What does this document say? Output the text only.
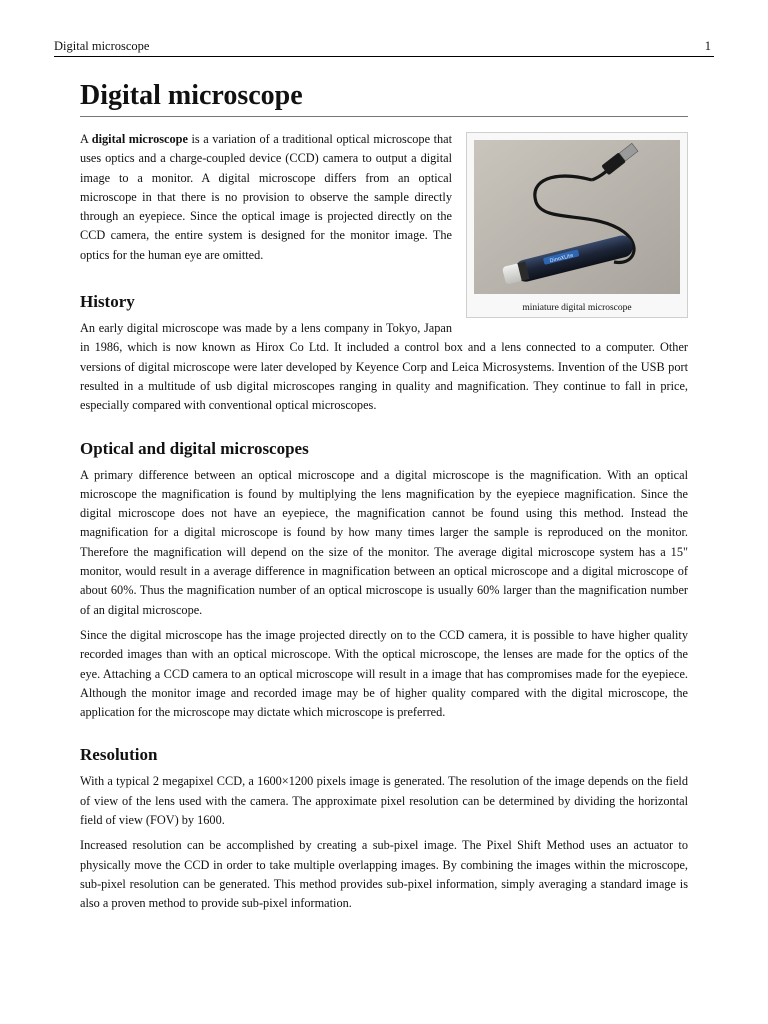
Digital microscope	1
Digital microscope
DinoXLite
miniature digital microscope

A digital microscope is a variation of a traditional optical microscope that uses optics and a charge-coupled device (CCD) camera to output a digital image to a monitor. A digital microscope differs from an optical microscope in that there is no provision to observe the sample directly through an eyepiece. Since the optical image is projected directly on the CCD camera, the entire system is designed for the monitor image. The optics for the human eye are omitted.

History

An early digital microscope was made by a lens company in Tokyo, Japan in 1986, which is now known as Hirox Co Ltd. It included a control box and a lens connected to a computer. Other versions of digital microscope were later developed by Keyence Corp and Leica Microsystems. Invention of the USB port resulted in a multitude of usb digital microscopes ranging in quality and magnification. They continue to fall in price, especially compared with conventional optical microscopes.

Optical and digital microscopes

A primary difference between an optical microscope and a digital microscope is the magnification. With an optical microscope the magnification is found by multiplying the lens magnification by the eyepiece magnification. Since the digital microscope does not have an eyepiece, the magnification cannot be found using this method. Instead the magnification for a digital microscope is found by how many times larger the sample is reproduced on the monitor. Therefore the magnification will depend on the size of the monitor. The average digital microscope system has a 15" monitor, would result in a average difference in magnification between an optical microscope and a digital microscope of about 60%. Thus the magnification number of an optical microscope is usually 60% larger than the magnification number of an digital microscope.

Since the digital microscope has the image projected directly on to the CCD camera, it is possible to have higher quality recorded images than with an optical microscope. With the optical microscope, the lenses are made for the optics of the eye. Attaching a CCD camera to an optical microscope will result in a image that has compromises made for the eyepiece. Although the monitor image and recorded image may be of higher quality compared with the digital microscope, the application for the microscope may dictate which microscope is preferred.

Resolution

With a typical 2 megapixel CCD, a 1600×1200 pixels image is generated. The resolution of the image depends on the field of view of the lens used with the camera. The approximate pixel resolution can be determined by dividing the horizontal field of view (FOV) by 1600.

Increased resolution can be accomplished by creating a sub-pixel image. The Pixel Shift Method uses an actuator to physically move the CCD in order to take multiple overlapping images. By combining the images within the microscope, sub-pixel resolution can be generated. This method provides sub-pixel information, simply averaging a standard image is also a proven method to provide sub-pixel information.
